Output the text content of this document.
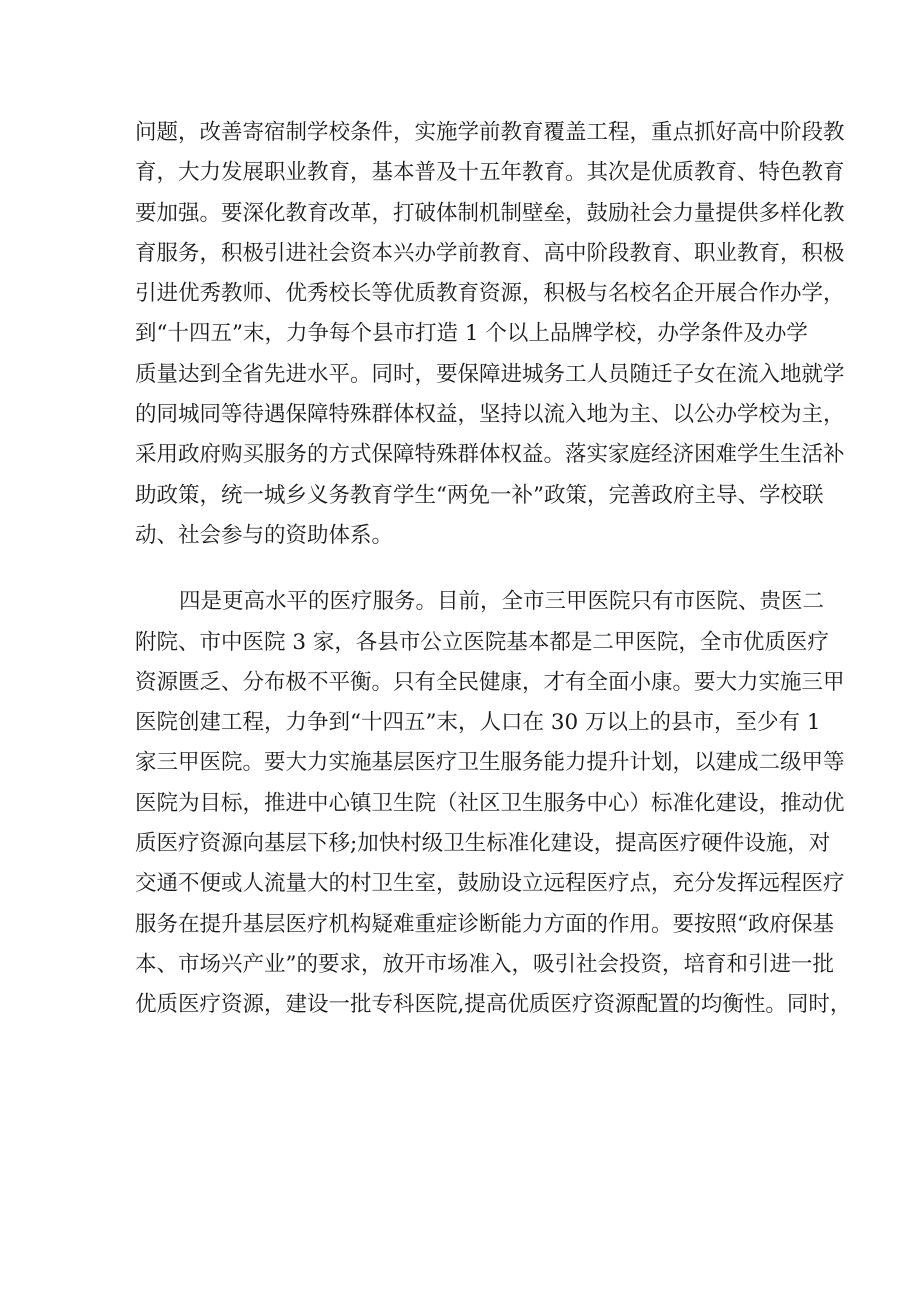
问题，改善寄宿制学校条件，实施学前教育覆盖工程，重点抓好高中阶段教
育，大力发展职业教育，基本普及十五年教育。其次是优质教育、特色教育
要加强。要深化教育改革，打破体制机制壁垒，鼓励社会力量提供多样化教
育服务，积极引进社会资本兴办学前教育、高中阶段教育、职业教育，积极
引进优秀教师、优秀校长等优质教育资源，积极与名校名企开展合作办学，
到“十四五”末，力争每个县市打造 1 个以上品牌学校，办学条件及办学
质量达到全省先进水平。同时，要保障进城务工人员随迁子女在流入地就学
的同城同等待遇保障特殊群体权益，坚持以流入地为主、以公办学校为主，
采用政府购买服务的方式保障特殊群体权益。落实家庭经济困难学生生活补
助政策，统一城乡义务教育学生“两免一补”政策，完善政府主导、学校联
动、社会参与的资助体系。
四是更高水平的医疗服务。目前，全市三甲医院只有市医院、贵医二
附院、市中医院 3 家，各县市公立医院基本都是二甲医院，全市优质医疗
资源匮乏、分布极不平衡。只有全民健康，才有全面小康。要大力实施三甲
医院创建工程，力争到“十四五”末，人口在 30 万以上的县市，至少有 1
家三甲医院。要大力实施基层医疗卫生服务能力提升计划，以建成二级甲等
医院为目标，推进中心镇卫生院（社区卫生服务中心）标准化建设，推动优
质医疗资源向基层下移;加快村级卫生标准化建设，提高医疗硬件设施，对
交通不便或人流量大的村卫生室，鼓励设立远程医疗点，充分发挥远程医疗
服务在提升基层医疗机构疑难重症诊断能力方面的作用。要按照“政府保基
本、市场兴产业”的要求，放开市场准入，吸引社会投资，培育和引进一批
优质医疗资源，建设一批专科医院,提高优质医疗资源配置的均衡性。同时，
